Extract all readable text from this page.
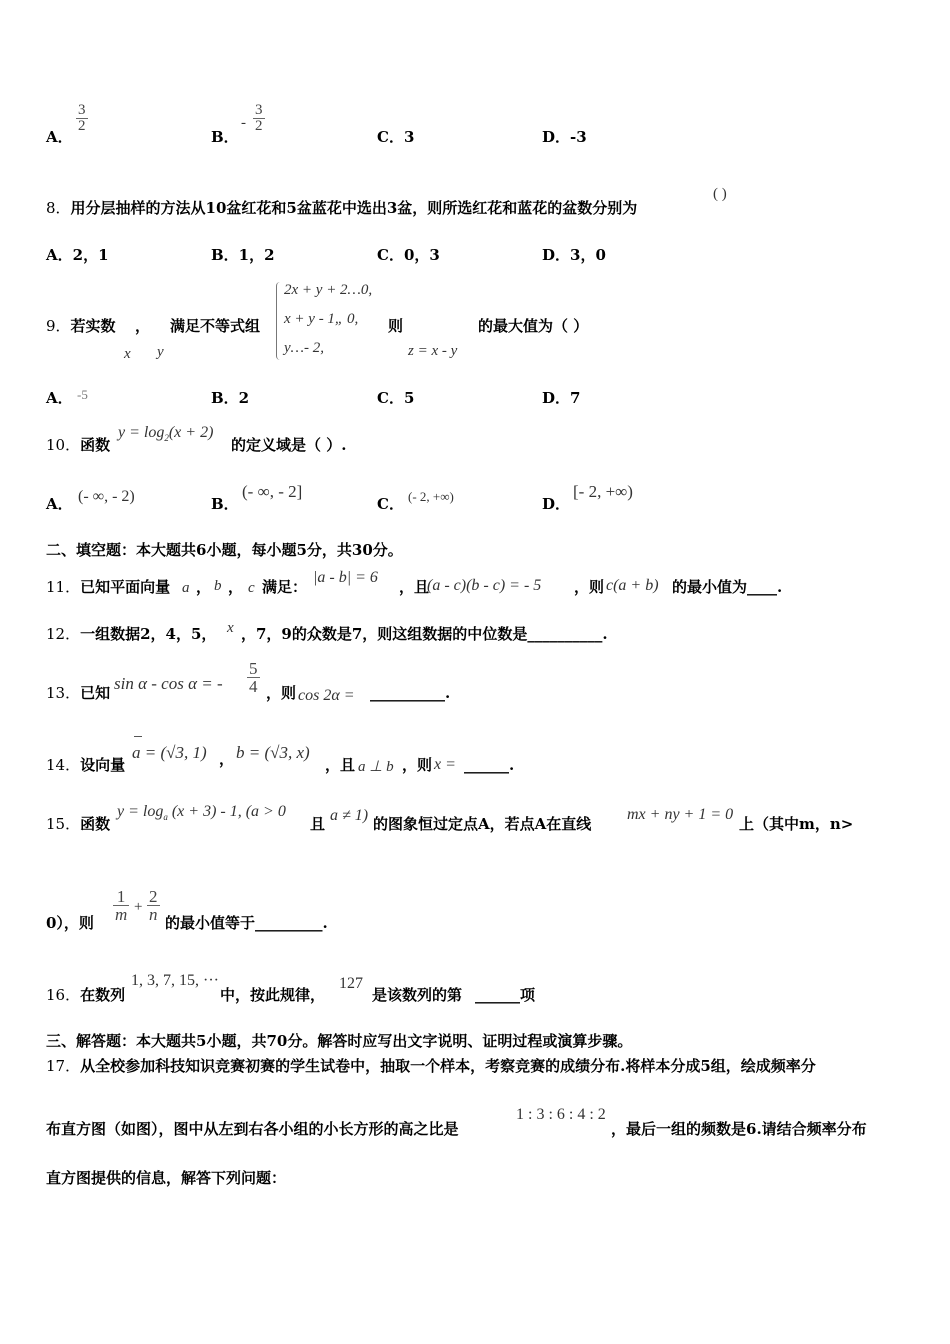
A．
$\frac{3}{2}$
B．
- $\frac{3}{2}$
C．3	D．-3
8．用分层抽样的方法从10盆红花和5盆蓝花中选出3盆，则所选红花和蓝花的盆数分别为
( )
A．2，1	B．1，2	C．0，3	D．3，0
9．若实数 ， 满足不等式组
x y
2x + y + 2…0,
x + y - 1„ 0,
y…- 2,
则
z = x - y
的最大值为（ ）
A． -5	B．2	C．5	D．7
10．函数
$y = \log_2(x + 2)$
的定义域是（ ）.
A． (- ∞, - 2)	B．
(- ∞, - 2]
C． (- 2, +∞)	D．
[- 2, +∞)
二、填空题：本大题共6小题，每小题5分，共30分。
11．已知平面向量 a ， b ， c 满足：
|a - b| = 6
，且
(a - c)(b - c) = - 5 ，则 c(a + b) 的最小值为____.
12．一组数据2，4，5， x ，7，9的众数是7，则这组数据的中位数是__________.
13．已知 sin α - cos α = - $\frac{5}{4}$ ，则 cos 2α = __________.
14．设向量
a = (√3, 1) ， b = (√3, x)
，且 a ⊥ b ，则 x = ______.
15．函数
$y = \log_a (x + 3) - 1$, (a > 0
且 a ≠ 1) 的图象恒过定点A，若点A在直线
mx + ny + 1 = 0
上（其中m，n>
0），则 $\frac{1}{m} + \frac{2}{n}$ 的最小值等于_________.
16．在数列
1, 3, 7, 15, ···
中，按此规律，
127
是该数列的第 ______项
三、解答题：本大题共5小题，共70分。解答时应写出文字说明、证明过程或演算步骤。
17．从全校参加科技知识竞赛初赛的学生试卷中，抽取一个样本，考察竞赛的成绩分布.将样本分成5组，绘成频率分
布直方图（如图），图中从左到右各小组的小长方形的高之比是
1 : 3 : 6 : 4 : 2
，最后一组的频数是6.请结合频率分布
直方图提供的信息，解答下列问题：
